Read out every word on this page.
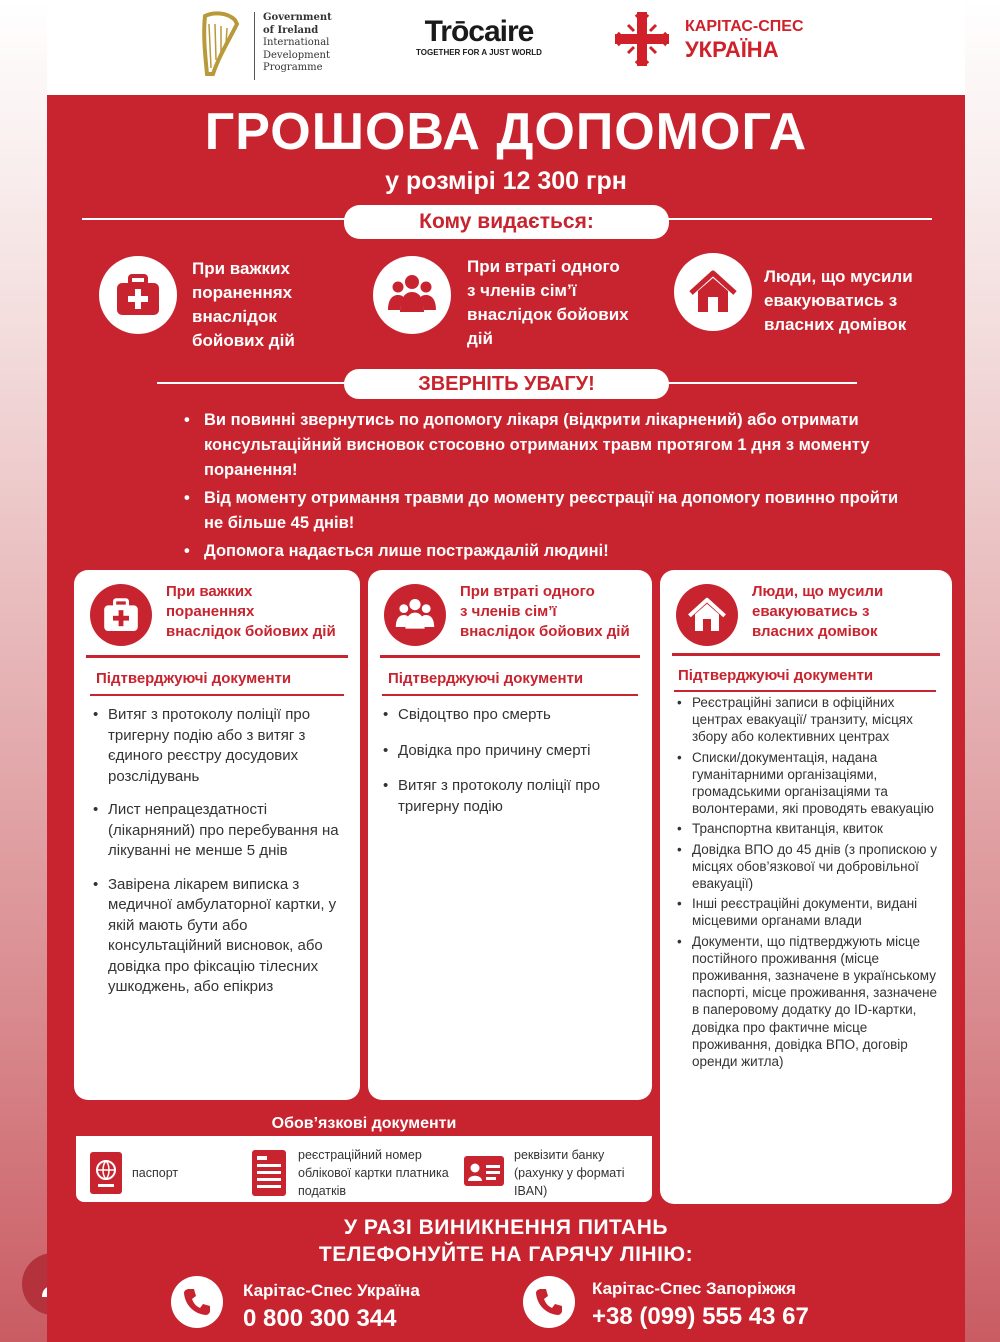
Government
of Ireland
International
Development
Programme
Trōcaire
TOGETHER FOR A JUST WORLD
КАРІТАС-СПЕС
УКРАЇНА
ГРОШОВА ДОПОМОГА
у розмірі 12 300 грн
Кому видається:
При важких
пораненнях
внаслідок
бойових дій
При втраті одного
з членів сім’ї
внаслідок бойових
дій
Люди, що мусили
евакуюватись з
власних домівок
ЗВЕРНІТЬ УВАГУ!
• Ви повинні звернутись по допомогу лікаря (відкрити лікарнений) або отримати консультаційний висновок стосовно отриманих травм протягом 1 дня з моменту поранення!
• Від моменту отримання травми до моменту реєстрації на допомогу повинно пройти не більше 45 днів!
• Допомога надається лише постраждалій людині!
При важких
пораненнях
внаслідок бойових дій
Підтверджуючі документи
• Витяг з протоколу поліції про тригерну подію або з витяг з єдиного реєстру досудових розслідувань
• Лист непрацездатності (лікарняний) про перебування на лікуванні не менше 5 днів
• Завірена лікарем виписка з медичної амбулаторної картки, у якій мають бути або консультаційний висновок, або довідка про фіксацію тілесних ушкоджень, або епікриз
При втраті одного
з членів сім’ї
внаслідок бойових дій
Підтверджуючі документи
• Свідоцтво про смерть
• Довідка про причину смерті
• Витяг з протоколу поліції про тригерну подію
Люди, що мусили
евакуюватись з
власних домівок
Підтверджуючі документи
• Реєстраційні записи в офіційних центрах евакуації/ транзиту, місцях збору або колективних центрах
• Списки/документація, надана гуманітарними організаціями, громадськими організаціями та волонтерами, які проводять евакуацію
• Транспортна квитанція, квиток
• Довідка ВПО до 45 днів (з пропискою у місцях обов’язкової чи добровільної евакуації)
• Інші реєстраційні документи, видані місцевими органами влади
• Документи, що підтверджують місце постійного проживання (місце проживання, зазначене в українському паспорті, місце проживання, зазначене в паперовому додатку до ID-картки, довідка про фактичне місце проживання, довідка ВПО, договір оренди житла)
Обов’язкові документи
паспорт
реєстраційний номер облікової картки платника податків
реквізити банку (рахунку у форматі IBAN)
У РАЗІ ВИНИКНЕННЯ ПИТАНЬ
ТЕЛЕФОНУЙТЕ НА ГАРЯЧУ ЛІНІЮ:
Карітас-Спес Україна
0 800 300 344
Карітас-Спес Запоріжжя
+38 (099) 555 43 67
